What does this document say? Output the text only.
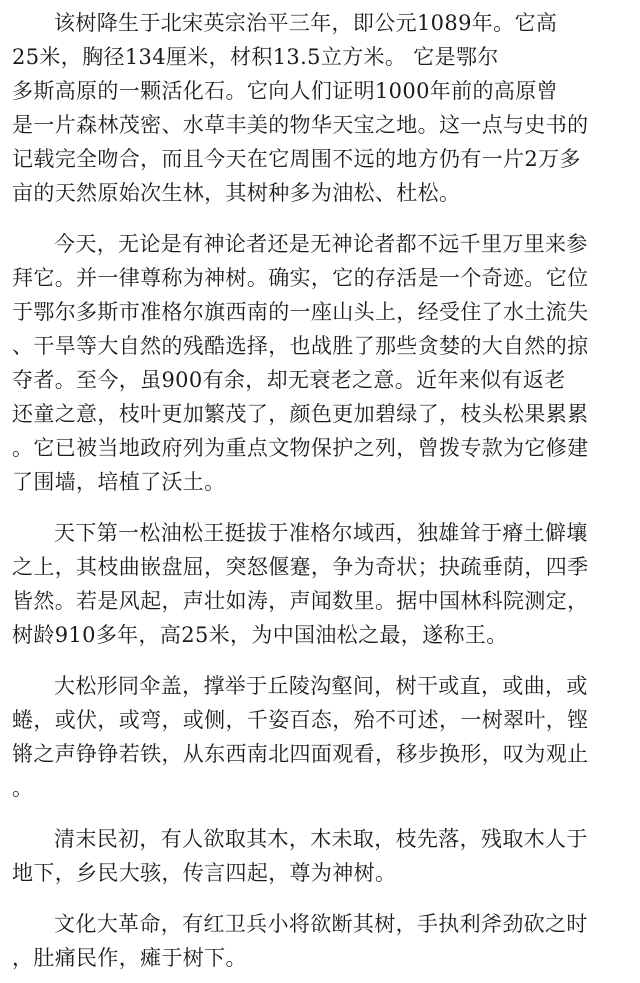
该树降生于北宋英宗治平三年，即公元1089年。它高
25米，胸径134厘米，材积13.5立方米。 它是鄂尔
多斯高原的一颗活化石。它向人们证明1000年前的高原曾
是一片森林茂密、水草丰美的物华天宝之地。这一点与史书的
记载完全吻合，而且今天在它周围不远的地方仍有一片2万多
亩的天然原始次生林，其树种多为油松、杜松。
今天，无论是有神论者还是无神论者都不远千里万里来参
拜它。并一律尊称为神树。确实，它的存活是一个奇迹。它位
于鄂尔多斯市准格尔旗西南的一座山头上，经受住了水土流失
、干旱等大自然的残酷选择，也战胜了那些贪婪的大自然的掠
夺者。至今，虽900有余，却无衰老之意。近年来似有返老
还童之意，枝叶更加繁茂了，颜色更加碧绿了，枝头松果累累
。它已被当地政府列为重点文物保护之列，曾拨专款为它修建
了围墙，培植了沃土。
天下第一松油松王挺拔于准格尔域西，独雄耸于瘠土僻壤
之上，其枝曲嵌盘屈，突怒偃蹇，争为奇状；抉疏垂荫，四季
皆然。若是风起，声壮如涛，声闻数里。据中国林科院测定，
树龄910多年，高25米，为中国油松之最，遂称王。
大松形同伞盖，撑举于丘陵沟壑间，树干或直，或曲，或
蜷，或伏，或弯，或侧，千姿百态，殆不可述，一树翠叶，铿
锵之声铮铮若铁，从东西南北四面观看，移步换形，叹为观止
。
清末民初，有人欲取其木，木未取，枝先落，残取木人于
地下，乡民大骇，传言四起，尊为神树。
文化大革命，有红卫兵小将欲断其树，手执利斧劲砍之时
，肚痛民作，瘫于树下。
